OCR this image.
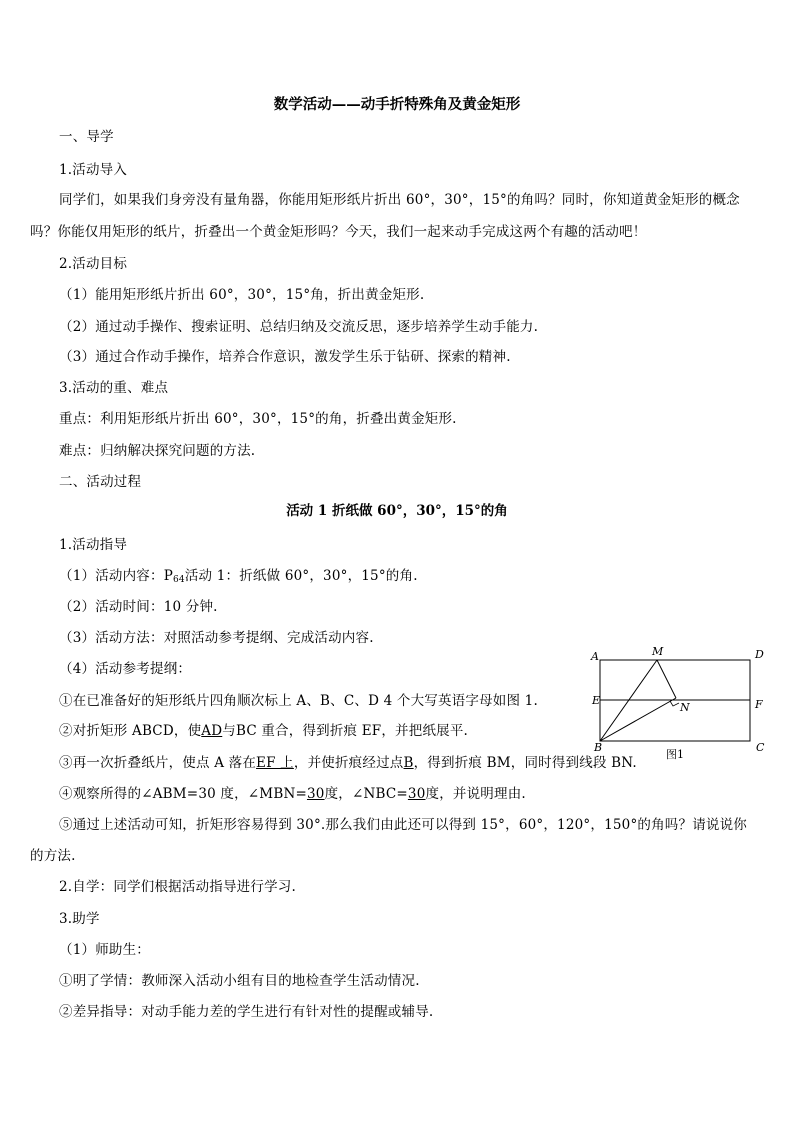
数学活动——动手折特殊角及黄金矩形
一、导学
1.活动导入
同学们，如果我们身旁没有量角器，你能用矩形纸片折出 60°，30°，15°的角吗？同时，你知道黄金矩形的概念
吗？你能仅用矩形的纸片，折叠出一个黄金矩形吗？今天，我们一起来动手完成这两个有趣的活动吧！
2.活动目标
（1）能用矩形纸片折出 60°，30°，15°角，折出黄金矩形.
（2）通过动手操作、搜索证明、总结归纳及交流反思，逐步培养学生动手能力.
（3）通过合作动手操作，培养合作意识，激发学生乐于钻研、探索的精神.
3.活动的重、难点
重点：利用矩形纸片折出 60°，30°，15°的角，折叠出黄金矩形.
难点：归纳解决探究问题的方法.
二、活动过程
活动 1 折纸做 60°，30°，15°的角
1.活动指导
（1）活动内容：$P_{64}$活动 1：折纸做 60°，30°，15°的角.
（2）活动时间：10 分钟.
（3）活动方法：对照活动参考提纲、完成活动内容.
（4）活动参考提纲：
①在已准备好的矩形纸片四角顺次标上 A、B、C、D 4 个大写英语字母如图 1.
②对折矩形 ABCD，使AD与BC 重合，得到折痕 EF，并把纸展平.
③再一次折叠纸片，使点 A 落在EF 上，并使折痕经过点B，得到折痕 BM，同时得到线段 BN.
④观察所得的∠ABM=30 度，∠MBN=30度，∠NBC=30度，并说明理由.
⑤通过上述活动可知，折矩形容易得到 30°.那么我们由此还可以得到 15°，60°，120°，150°的角吗？请说说你
的方法.
2.自学：同学们根据活动指导进行学习.
3.助学
（1）师助生：
①明了学情：教师深入活动小组有目的地检查学生活动情况.
②差异指导：对动手能力差的学生进行有针对性的提醒或辅导.
A
B	C
D
E	F
M
N
图1
